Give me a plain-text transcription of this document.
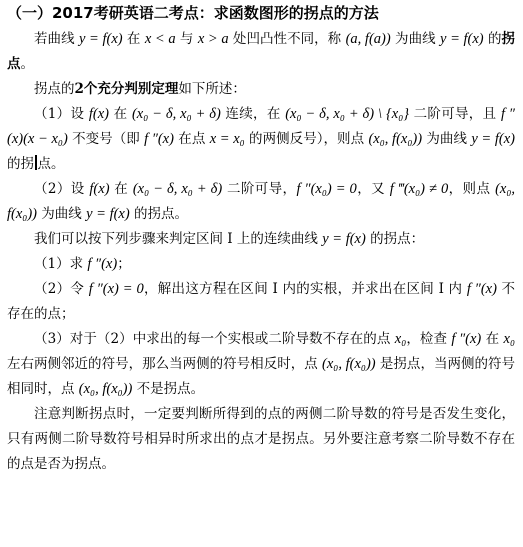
（一）2017考研英语二考点：求函数图形的拐点的方法

若曲线 y = f(x) 在 x < a 与 x > a 处凹凸性不同，称 (a, f(a)) 为曲线 y = f(x) 的拐点。

拐点的2个充分判别定理如下所述：

（1）设 f(x) 在 (x₀ − δ, x₀ + δ) 连续，在 (x₀ − δ, x₀ + δ) \ {x₀} 二阶可导，且 f ″(x)(x − x₀) 不变号（即 f ″(x) 在点 x = x₀ 的两侧反号），则点 (x₀, f(x₀)) 为曲线 y = f(x) 的拐 点。

（2）设 f(x) 在 (x₀ − δ, x₀ + δ) 二阶可导，f ″(x₀) = 0，又 f ‴(x₀) ≠ 0，则点 (x₀, f(x₀)) 为曲线 y = f(x) 的拐点。

我们可以按下列步骤来判定区间 I 上的连续曲线 y = f(x) 的拐点：

（1）求 f ″(x)；

（2）令 f ″(x) = 0，解出这方程在区间 I 内的实根，并求出在区间 I 内 f ″(x) 不存在的点；

（3）对于（2）中求出的每一个实根或二阶导数不存在的点 x₀，检查 f ″(x) 在 x₀ 左右两侧邻近的符号，那么当两侧的符号相反时，点 (x₀, f(x₀)) 是拐点，当两侧的符号相同时，点 (x₀, f(x₀)) 不是拐点。

注意判断拐点时，一定要判断所得到的点的两侧二阶导数的符号是否发生变化，只有两侧二阶导数符号相异时所求出的点才是拐点。另外要注意考察二阶导数不存在的点是否为拐点。
